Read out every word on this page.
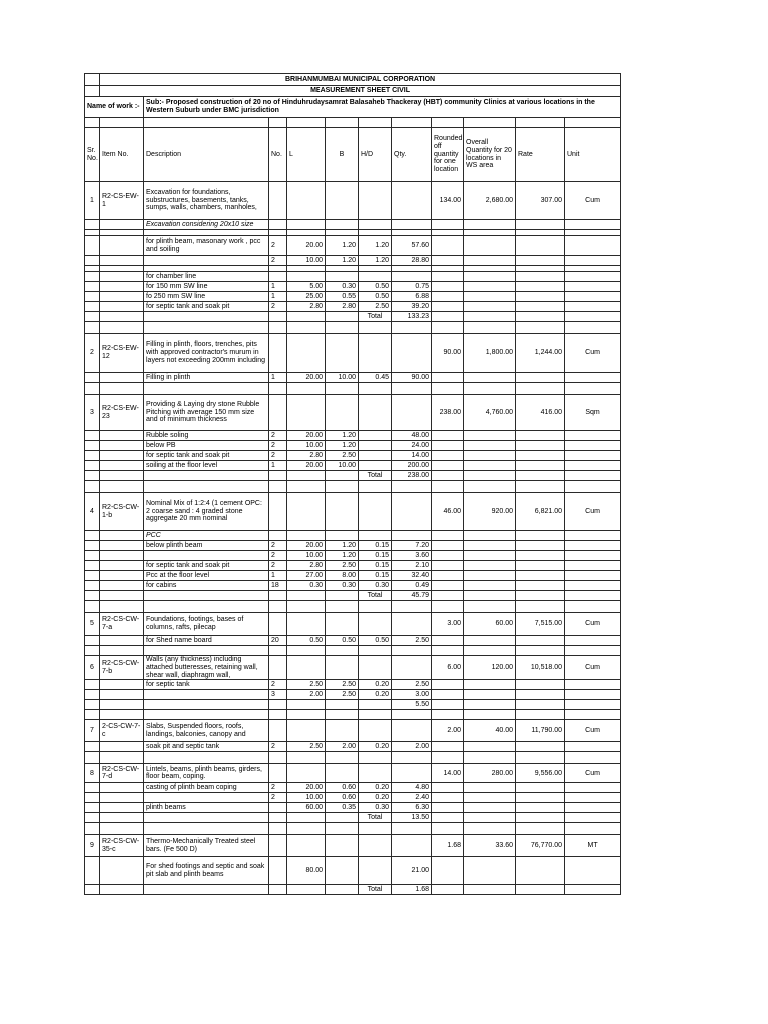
	BRIHANMUMBAI MUNICIPAL CORPORATION										
	MEASUREMENT SHEET CIVIL										
Name of work :-		Sub:- Proposed construction of 20 no of Hinduhrudaysamrat Balasaheb Thackeray (HBT) community Clinics at various locations in the Western Suburb under BMC jurisdiction									

Sr. No.	Item No.	Description	No.	L	B	H/D	Qty.	Rounded off quantity for one location	Overall Quantity for 20 locations in WS area	Rate	Unit
1	R2-CS-EW-1	Excavation for foundations, substructures, basements, tanks, sumps, walls, chambers, manholes,						134.00	2,680.00	307.00	Cum
		Excavation considering 20x10 size									

		for plinth beam, masonary work , pcc and soiling	2	20.00	1.20	1.20	57.60				
			2	10.00	1.20	1.20	28.80				

		for chamber line									
		for 150 mm SW line	1	5.00	0.30	0.50	0.75				
		fo 250 mm SW line	1	25.00	0.55	0.50	6.88				
		for septic tank and soak pit	2	2.80	2.80	2.50	39.20				
						Total	133.23				

2	R2-CS-EW-12	Filling in plinth, floors, trenches, pits with approved contractor's murum in layers not exceeding 200mm including						90.00	1,800.00	1,244.00	Cum
		Filling in plinth	1	20.00	10.00	0.45	90.00				

3	R2-CS-EW-23	Providing & Laying dry stone Rubble Pitching with average 150 mm size and of minimum thickness						238.00	4,760.00	416.00	Sqm
		Rubble soling	2	20.00	1.20		48.00				
		below PB	2	10.00	1.20		24.00				
		for septic tank and soak pit	2	2.80	2.50		14.00				
		soiling at the floor level	1	20.00	10.00		200.00				
						Total	238.00				

4	R2-CS-CW-1-b	Nominal Mix of 1:2:4 (1 cement OPC: 2 coarse sand : 4 graded stone aggregate 20 mm nominal						46.00	920.00	6,821.00	Cum
		PCC									
		below plinth beam	2	20.00	1.20	0.15	7.20				
			2	10.00	1.20	0.15	3.60				
		for septic tank and soak pit	2	2.80	2.50	0.15	2.10				
		Pcc at the floor level	1	27.00	8.00	0.15	32.40				
		for cabins	18	0.30	0.30	0.30	0.49				
						Total	45.79				

5	R2-CS-CW-7-a	Foundations, footings, bases of columns, rafts, pilecap						3.00	60.00	7,515.00	Cum
		for Shed name board	20	0.50	0.50	0.50	2.50				

6	R2-CS-CW-7-b	Walls (any thickness) including attached butteresses, retaining wall, shear wall, diaphragm wall,						6.00	120.00	10,518.00	Cum
		for septic tank	2	2.50	2.50	0.20	2.50				
			3	2.00	2.50	0.20	3.00				
							5.50				

7	2-CS-CW-7-c	Slabs, Suspended floors, roofs, landings, balconies, canopy and						2.00	40.00	11,790.00	Cum
		soak pit and septic tank	2	2.50	2.00	0.20	2.00				

8	R2-CS-CW-7-d	Lintels, beams, plinth beams, girders, floor beam, coping.						14.00	280.00	9,556.00	Cum
		casting of plinth beam coping	2	20.00	0.60	0.20	4.80				
			2	10.00	0.60	0.20	2.40				
		plinth beams		60.00	0.35	0.30	6.30				
						Total	13.50				

9	R2-CS-CW-35-c	Thermo-Mechanically Treated steel bars. (Fe 500 D)						1.68	33.60	76,770.00	MT
		For shed footings and septic and soak pit slab and plinth beams		80.00			21.00				
						Total	1.68				
